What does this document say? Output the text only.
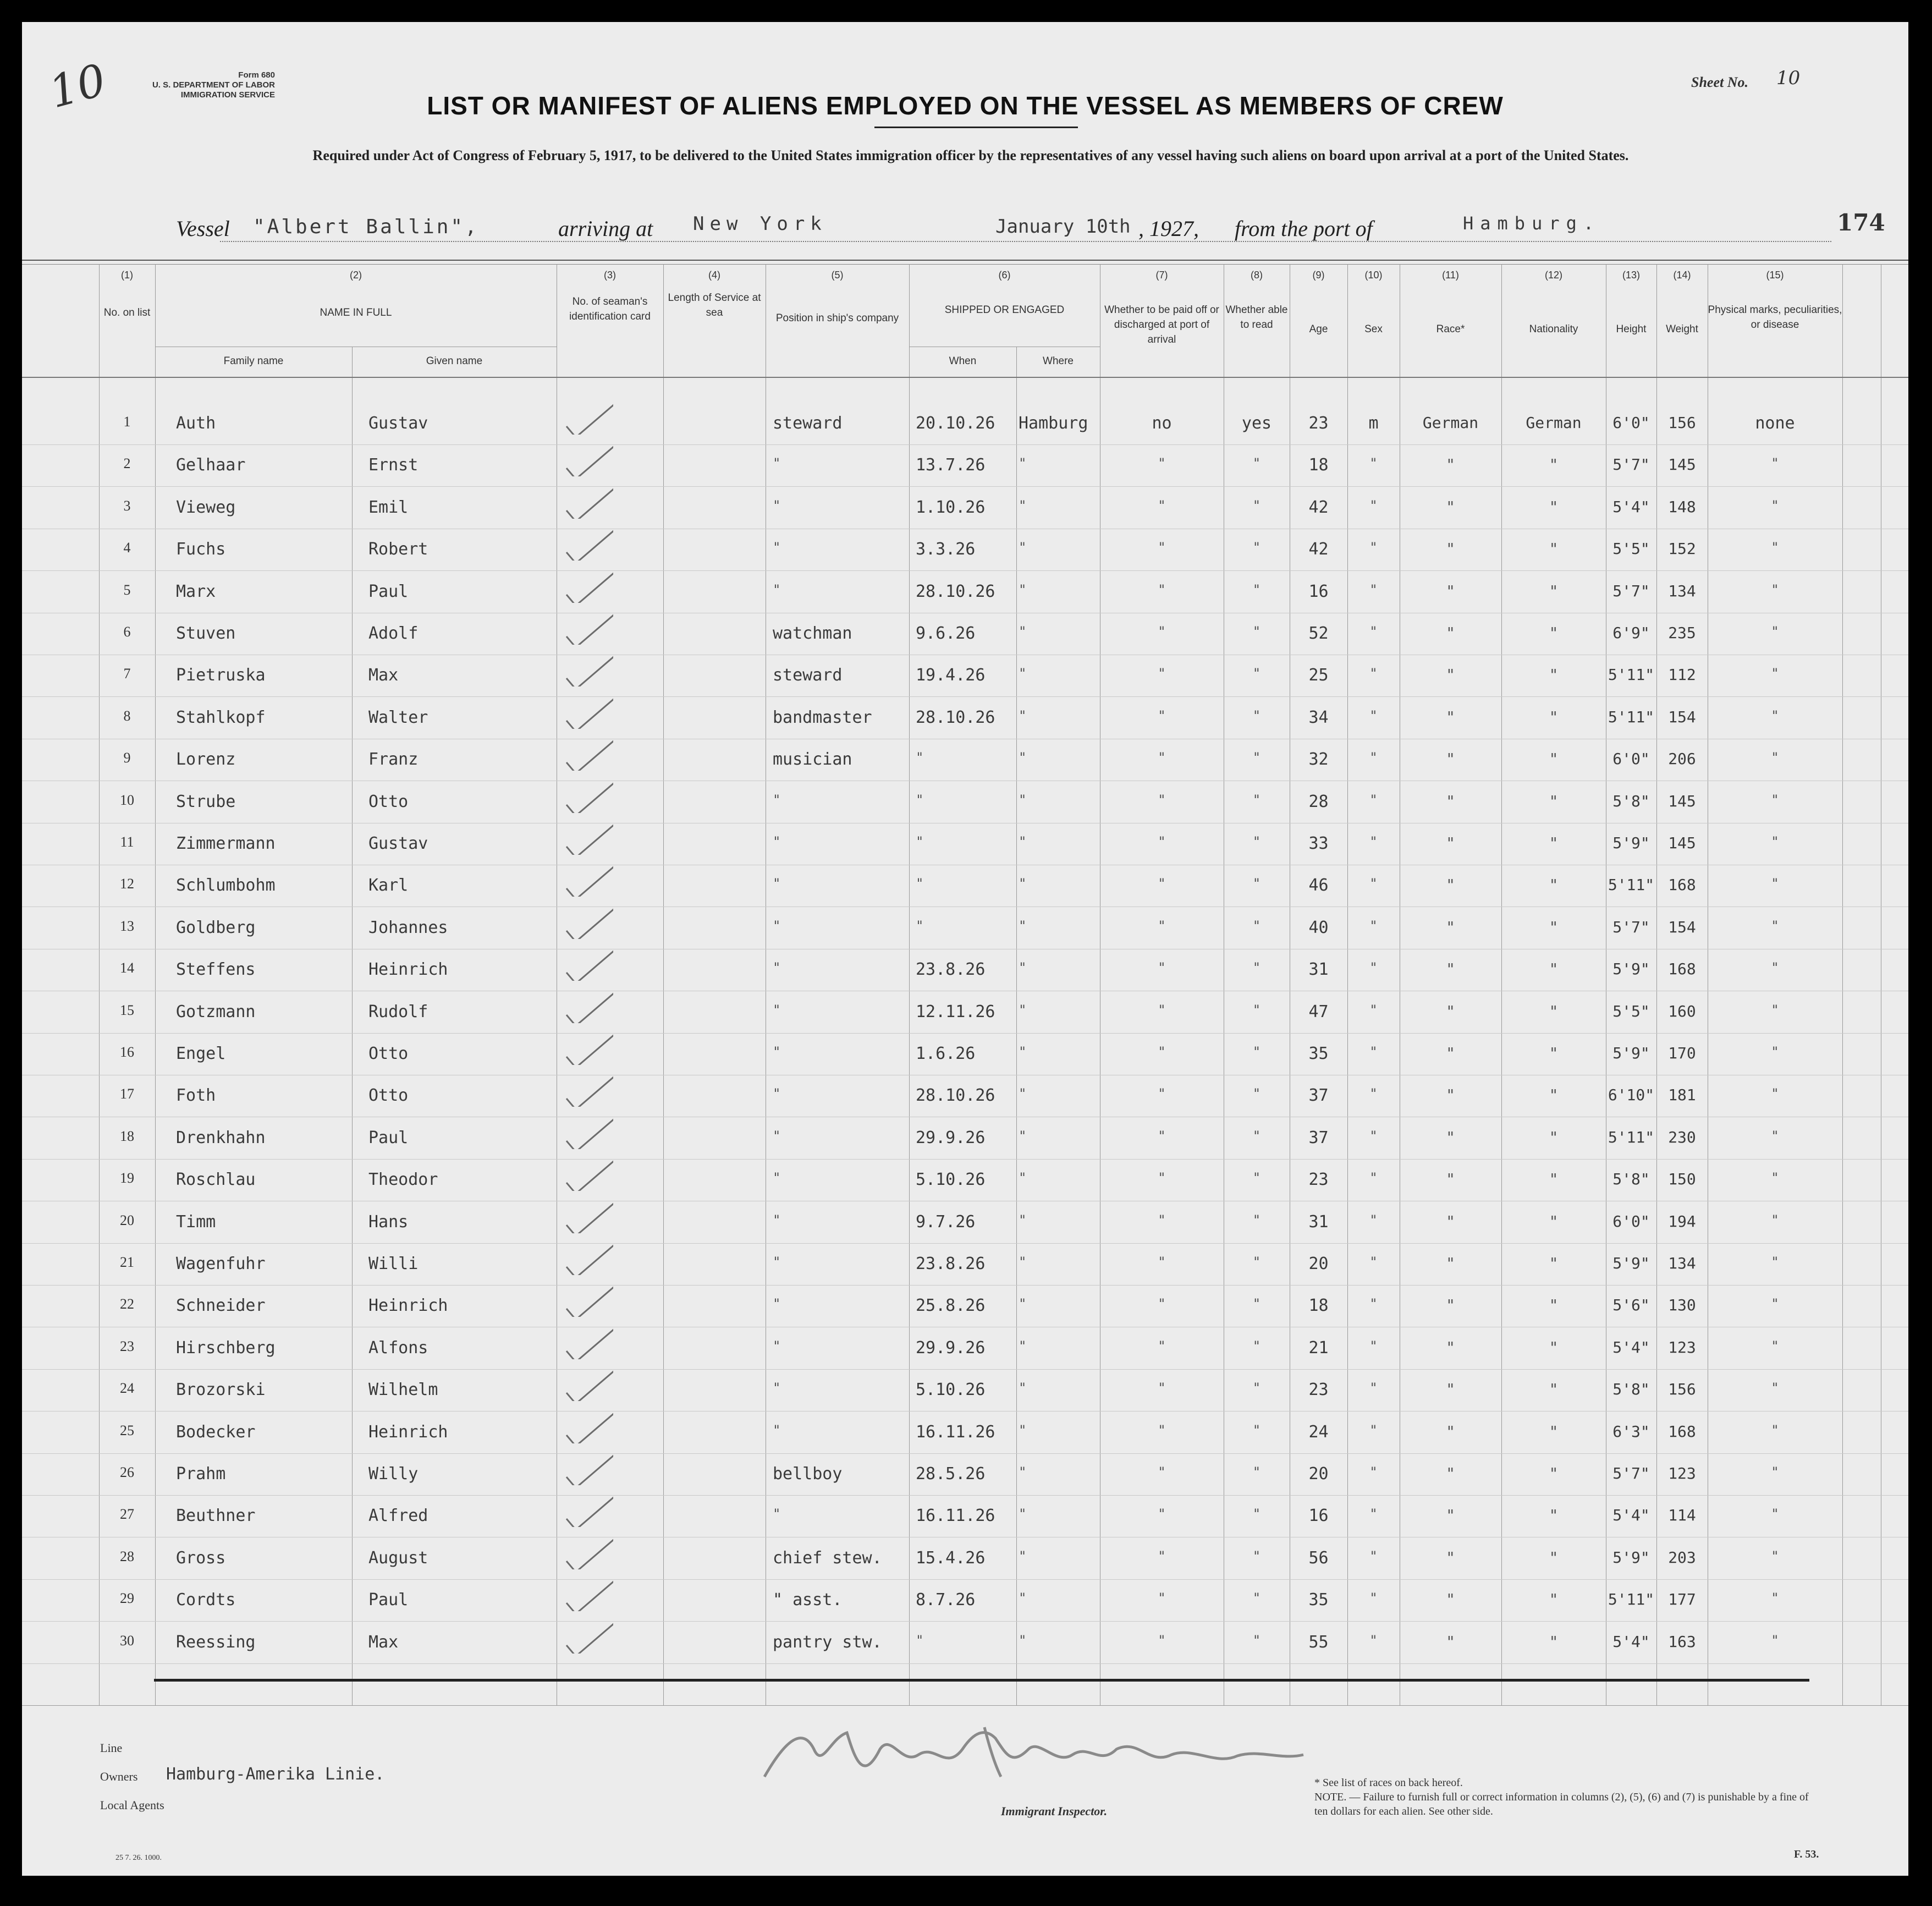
Form 680
U. S. DEPARTMENT OF LABOR
IMMIGRATION SERVICE
10	LIST OR MANIFEST OF ALIENS EMPLOYED ON THE VESSEL AS MEMBERS OF CREW
Required under Act of Congress of February 5, 1917, to be delivered to the United States immigration officer by the representatives of any vessel having such aliens on board upon arrival at a port of the United States.
Sheet No. 10
Vessel "Albert Ballin",	arriving at New York	January 10th , 1927, from the port of	Hamburg.	174
(1)	(2)	(3)	(4)	(5)	(6)	(7)	(8)	(9)	(10)	(11)	(12)	(13)	(14)	(15)
No. on list	NAME IN FULL
Family name	Given name
No. of seaman's identification card
Length of Service at sea	Position in ship's company
SHIPPED OR ENGAGED
When	Where
Whether to be paid off or discharged at port of arrival
Whether able to read	Age	Sex	Race*	Nationality	Height	Weight
Physical marks, peculiarities, or disease
1	Auth	Gustav	steward	20.10.26 Hamburg	no	yes	23	m	German	German	6'0"	156	none
2	Gelhaar	Ernst	"	13.7.26	"	"	"	18	"	"	"	5'7"	145	"
3	Vieweg	Emil	"	1.10.26	"	"	"	42	"	"	"	5'4"	148	"
4	Fuchs	Robert	"	3.3.26	"	"	"	42	"	"	"	5'5"	152	"
5	Marx	Paul	"	28.10.26 "	"	"	16	"	"	"	5'7"	134	"
6	Stuven	Adolf	watchman	9.6.26	"	"	"	52	"	"	"	6'9"	235	"
7	Pietruska	Max	steward	19.4.26	"	"	"	25	"	"	"	5'11" 112	"
8	Stahlkopf	Walter	bandmaster	28.10.26 "	"	"	34	"	"	"	5'11" 154	"
9	Lorenz	Franz	musician	"	"	"	"	32	"	"	"	6'0"	206	"
10	Strube	Otto	"	"	"	"	"	28	"	"	"	5'8"	145	"
11	Zimmermann	Gustav	"	"	"	"	"	33	"	"	"	5'9"	145	"
12	Schlumbohm	Karl	"	"	"	"	"	46	"	"	"	5'11" 168	"
13	Goldberg	Johannes	"	"	"	"	"	40	"	"	"	5'7"	154	"
14	Steffens	Heinrich	"	23.8.26	"	"	"	31	"	"	"	5'9"	168	"
15	Gotzmann	Rudolf	"	12.11.26 "	"	"	47	"	"	"	5'5"	160	"
16	Engel	Otto	"	1.6.26	"	"	"	35	"	"	"	5'9"	170	"
17	Foth	Otto	"	28.10.26 "	"	"	37	"	"	"	6'10" 181	"
18	Drenkhahn	Paul	"	29.9.26	"	"	"	37	"	"	"	5'11" 230	"
19	Roschlau	Theodor	"	5.10.26	"	"	"	23	"	"	"	5'8"	150	"
20	Timm	Hans	"	9.7.26	"	"	"	31	"	"	"	6'0"	194	"
21	Wagenfuhr	Willi	"	23.8.26	"	"	"	20	"	"	"	5'9"	134	"
22	Schneider	Heinrich	"	25.8.26	"	"	"	18	"	"	"	5'6"	130	"
23	Hirschberg	Alfons	"	29.9.26	"	"	"	21	"	"	"	5'4"	123	"
24	Brozorski	Wilhelm	"	5.10.26	"	"	"	23	"	"	"	5'8"	156	"
25	Bodecker	Heinrich	"	16.11.26 "	"	"	24	"	"	"	6'3"	168	"
26	Prahm	Willy	bellboy	28.5.26	"	"	"	20	"	"	"	5'7"	123	"
27	Beuthner	Alfred	"	16.11.26 "	"	"	16	"	"	"	5'4"	114	"
28	Gross	August	chief stew. 15.4.26	"	"	"	56	"	"	"	5'9"	203	"
29	Cordts	Paul	" asst.	8.7.26	"	"	"	35	"	"	"	5'11" 177	"
30	Reessing	Max	pantry stw.	"	"	"	"	55	"	"	"	5'4"	163	"
Line
Owners Hamburg-Amerika Linie.
Local Agents	Immigrant Inspector.
* See list of races on back hereof.
NOTE. — Failure to furnish full or correct information in columns (2), (5), (6) and (7) is punishable by a fine of ten dollars for each alien. See other side.
25 7. 26. 1000.	F. 53.
